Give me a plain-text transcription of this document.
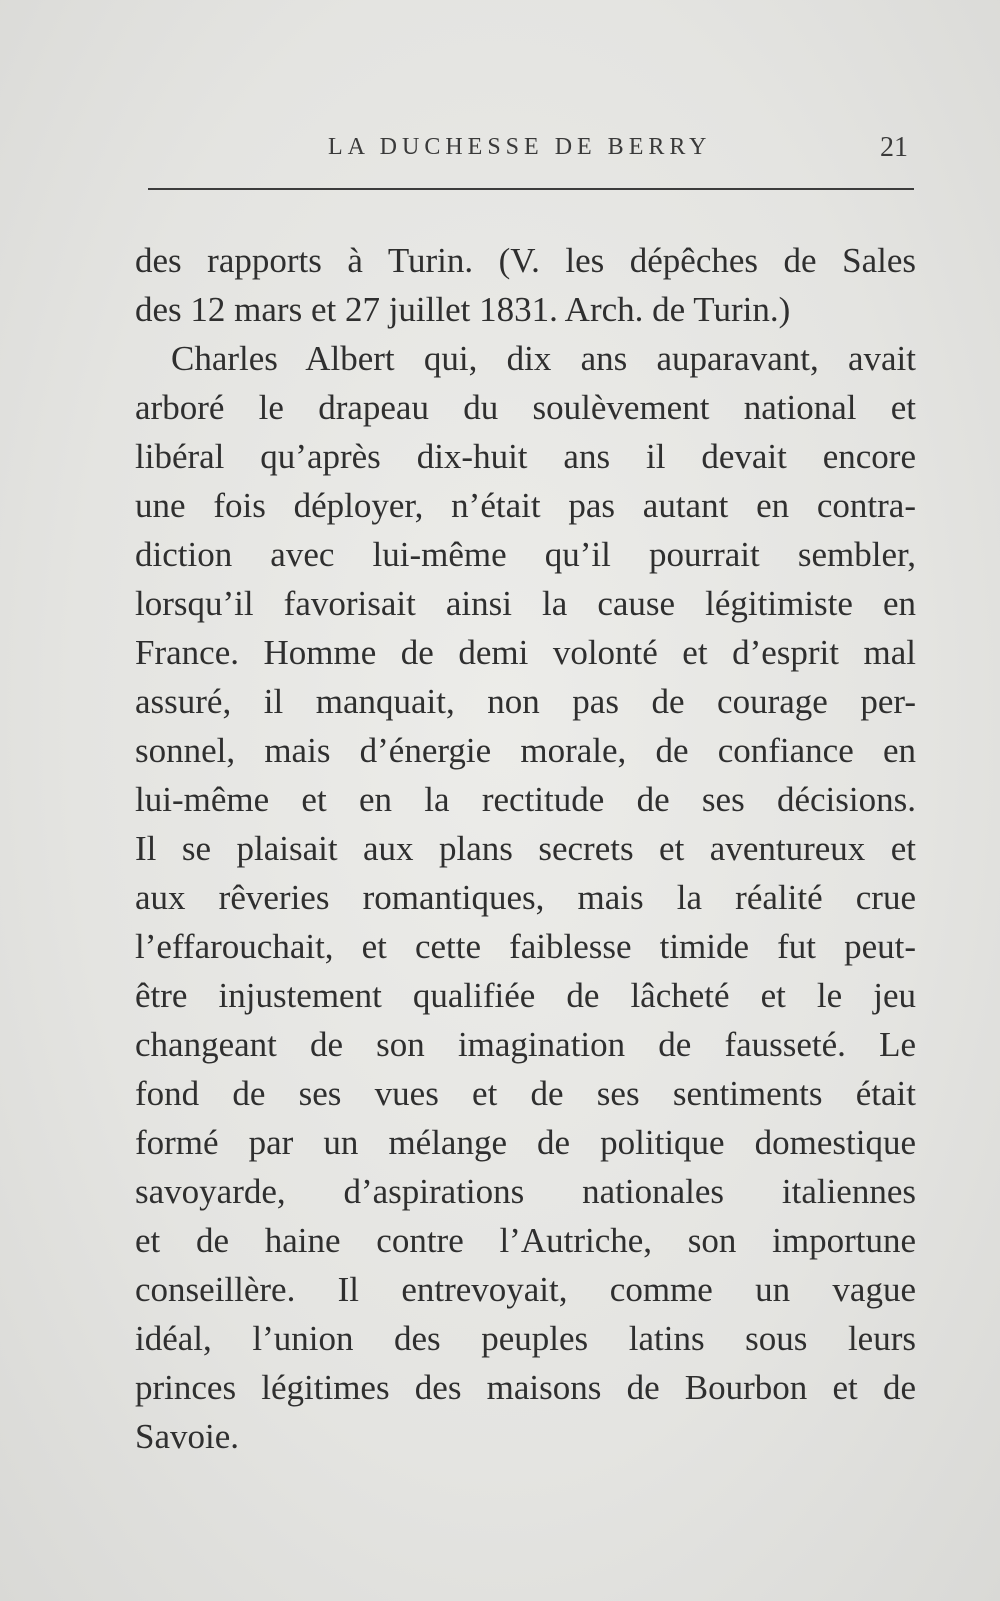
LA DUCHESSE DE BERRY	21
des rapports à Turin. (V. les dépêches de Sales
des 12 mars et 27 juillet 1831. Arch. de Turin.)
Charles Albert qui, dix ans auparavant, avait
arboré le drapeau du soulèvement national et
libéral qu’après dix-huit ans il devait encore
une fois déployer, n’était pas autant en contra-
diction avec lui-même qu’il pourrait sembler,
lorsqu’il favorisait ainsi la cause légitimiste en
France. Homme de demi volonté et d’esprit mal
assuré, il manquait, non pas de courage per-
sonnel, mais d’énergie morale, de confiance en
lui-même et en la rectitude de ses décisions.
Il se plaisait aux plans secrets et aventureux et
aux rêveries romantiques, mais la réalité crue
l’effarouchait, et cette faiblesse timide fut peut-
être injustement qualifiée de lâcheté et le jeu
changeant de son imagination de fausseté. Le
fond de ses vues et de ses sentiments était
formé par un mélange de politique domestique
savoyarde, d’aspirations nationales italiennes
et de haine contre l’Autriche, son importune
conseillère. Il entrevoyait, comme un vague
idéal, l’union des peuples latins sous leurs
princes légitimes des maisons de Bourbon et de
Savoie.
